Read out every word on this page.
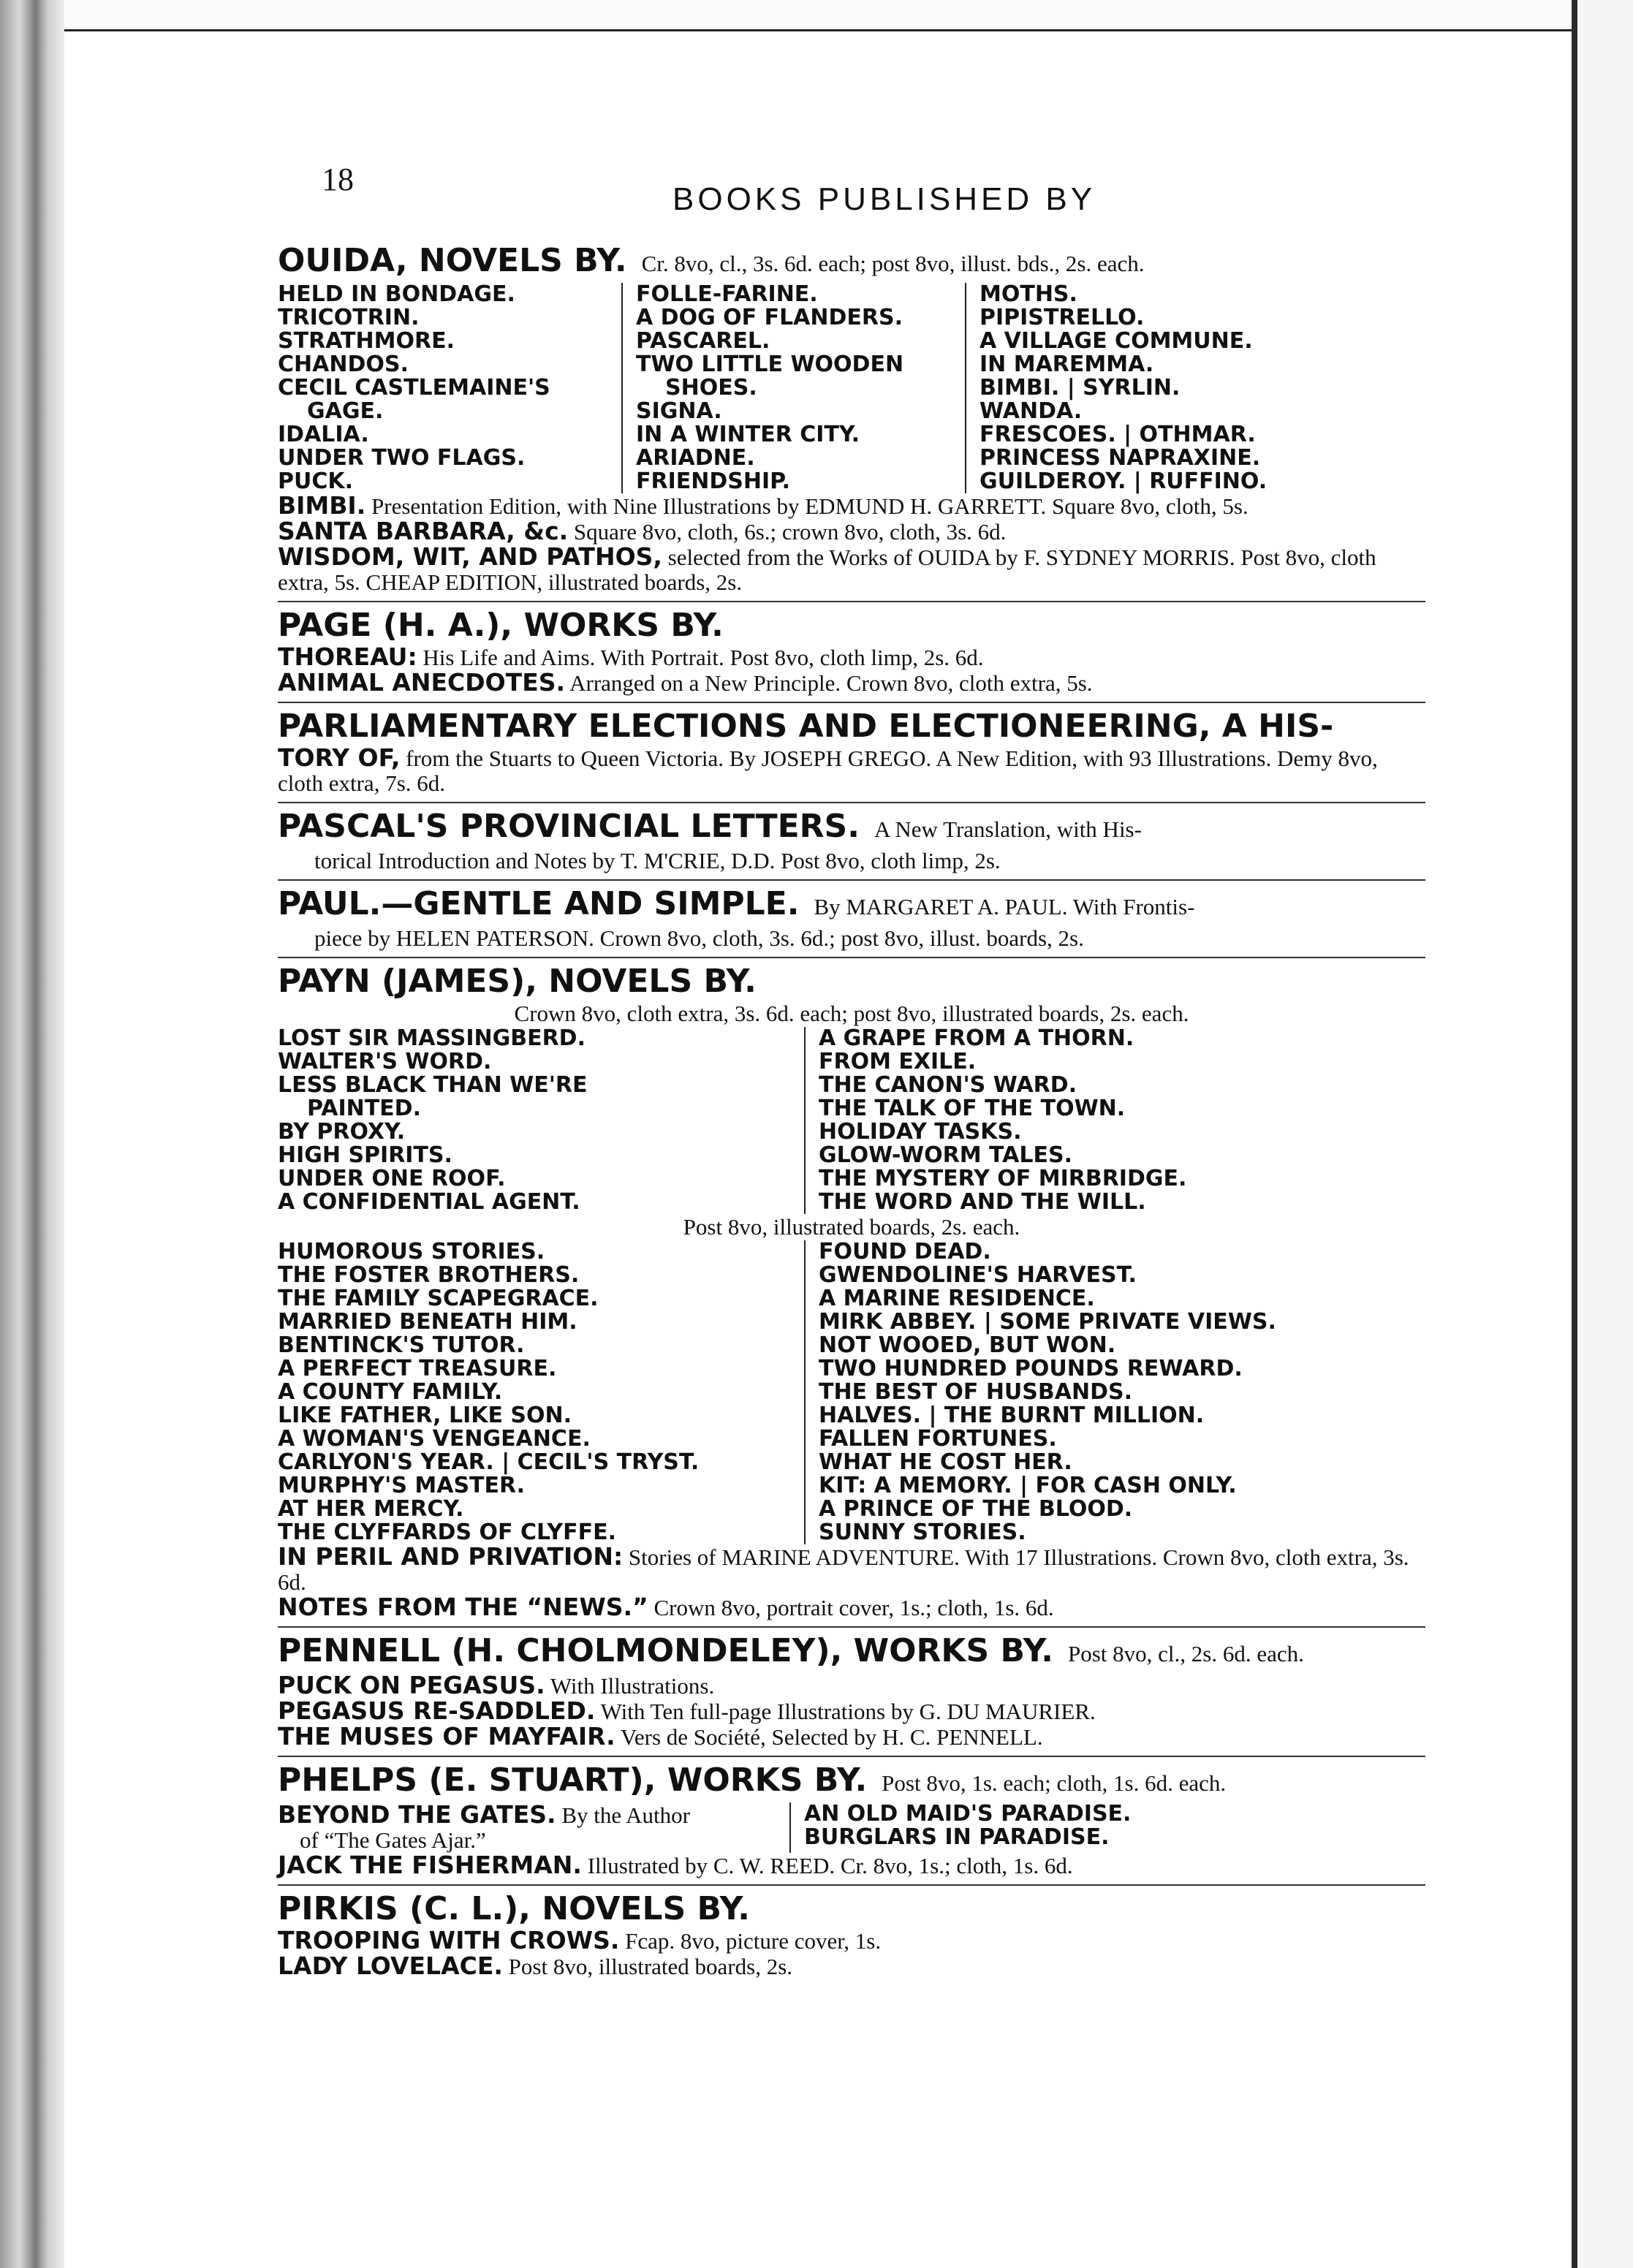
18
BOOKS PUBLISHED BY
OUIDA, NOVELS BY. Cr. 8vo, cl., 3s. 6d. each; post 8vo, illust. bds., 2s. each.
HELD IN BONDAGE.
TRICOTRIN.
STRATHMORE.
CHANDOS.
CECIL CASTLEMAINE'S
GAGE.
IDALIA.
UNDER TWO FLAGS.
PUCK.
FOLLE-FARINE.
A DOG OF FLANDERS.
PASCAREL.
TWO LITTLE WOODEN
SHOES.
SIGNA.
IN A WINTER CITY.
ARIADNE.
FRIENDSHIP.
MOTHS.
PIPISTRELLO.
A VILLAGE COMMUNE.
IN MAREMMA.
BIMBI. | SYRLIN.
WANDA.
FRESCOES. | OTHMAR.
PRINCESS NAPRAXINE.
GUILDEROY. | RUFFINO.
BIMBI. Presentation Edition, with Nine Illustrations by EDMUND H. GARRETT. Square 8vo, cloth, 5s.
SANTA BARBARA, &c. Square 8vo, cloth, 6s.; crown 8vo, cloth, 3s. 6d.
WISDOM, WIT, AND PATHOS, selected from the Works of OUIDA by F. SYDNEY MORRIS. Post 8vo, cloth extra, 5s. CHEAP EDITION, illustrated boards, 2s.
PAGE (H. A.), WORKS BY.
THOREAU: His Life and Aims. With Portrait. Post 8vo, cloth limp, 2s. 6d.
ANIMAL ANECDOTES. Arranged on a New Principle. Crown 8vo, cloth extra, 5s.
PARLIAMENTARY ELECTIONS AND ELECTIONEERING, A HIS-
TORY OF, from the Stuarts to Queen Victoria. By JOSEPH GREGO. A New Edition, with 93 Illustrations. Demy 8vo, cloth extra, 7s. 6d.
PASCAL'S PROVINCIAL LETTERS. A New Translation, with His-
torical Introduction and Notes by T. M'CRIE, D.D. Post 8vo, cloth limp, 2s.
PAUL.—GENTLE AND SIMPLE. By MARGARET A. PAUL. With Frontis-
piece by HELEN PATERSON. Crown 8vo, cloth, 3s. 6d.; post 8vo, illust. boards, 2s.
PAYN (JAMES), NOVELS BY.
Crown 8vo, cloth extra, 3s. 6d. each; post 8vo, illustrated boards, 2s. each.
LOST SIR MASSINGBERD.
WALTER'S WORD.
LESS BLACK THAN WE'RE
PAINTED.
BY PROXY.
HIGH SPIRITS.
UNDER ONE ROOF.
A CONFIDENTIAL AGENT.
A GRAPE FROM A THORN.
FROM EXILE.
THE CANON'S WARD.
THE TALK OF THE TOWN.
HOLIDAY TASKS.
GLOW-WORM TALES.
THE MYSTERY OF MIRBRIDGE.
THE WORD AND THE WILL.
Post 8vo, illustrated boards, 2s. each.
HUMOROUS STORIES.
THE FOSTER BROTHERS.
THE FAMILY SCAPEGRACE.
MARRIED BENEATH HIM.
BENTINCK'S TUTOR.
A PERFECT TREASURE.
A COUNTY FAMILY.
LIKE FATHER, LIKE SON.
A WOMAN'S VENGEANCE.
CARLYON'S YEAR. | CECIL'S TRYST.
MURPHY'S MASTER.
AT HER MERCY.
THE CLYFFARDS OF CLYFFE.
FOUND DEAD.
GWENDOLINE'S HARVEST.
A MARINE RESIDENCE.
MIRK ABBEY. | SOME PRIVATE VIEWS.
NOT WOOED, BUT WON.
TWO HUNDRED POUNDS REWARD.
THE BEST OF HUSBANDS.
HALVES. | THE BURNT MILLION.
FALLEN FORTUNES.
WHAT HE COST HER.
KIT: A MEMORY. | FOR CASH ONLY.
A PRINCE OF THE BLOOD.
SUNNY STORIES.
IN PERIL AND PRIVATION: Stories of MARINE ADVENTURE. With 17 Illustrations. Crown 8vo, cloth extra, 3s. 6d.
NOTES FROM THE “NEWS.” Crown 8vo, portrait cover, 1s.; cloth, 1s. 6d.
PENNELL (H. CHOLMONDELEY), WORKS BY. Post 8vo, cl., 2s. 6d. each.
PUCK ON PEGASUS. With Illustrations.
PEGASUS RE-SADDLED. With Ten full-page Illustrations by G. DU MAURIER.
THE MUSES OF MAYFAIR. Vers de Société, Selected by H. C. PENNELL.
PHELPS (E. STUART), WORKS BY. Post 8vo, 1s. each; cloth, 1s. 6d. each.
BEYOND THE GATES. By the Author
of “The Gates Ajar.”
AN OLD MAID'S PARADISE.
BURGLARS IN PARADISE.
JACK THE FISHERMAN. Illustrated by C. W. REED. Cr. 8vo, 1s.; cloth, 1s. 6d.
PIRKIS (C. L.), NOVELS BY.
TROOPING WITH CROWS. Fcap. 8vo, picture cover, 1s.
LADY LOVELACE. Post 8vo, illustrated boards, 2s.
